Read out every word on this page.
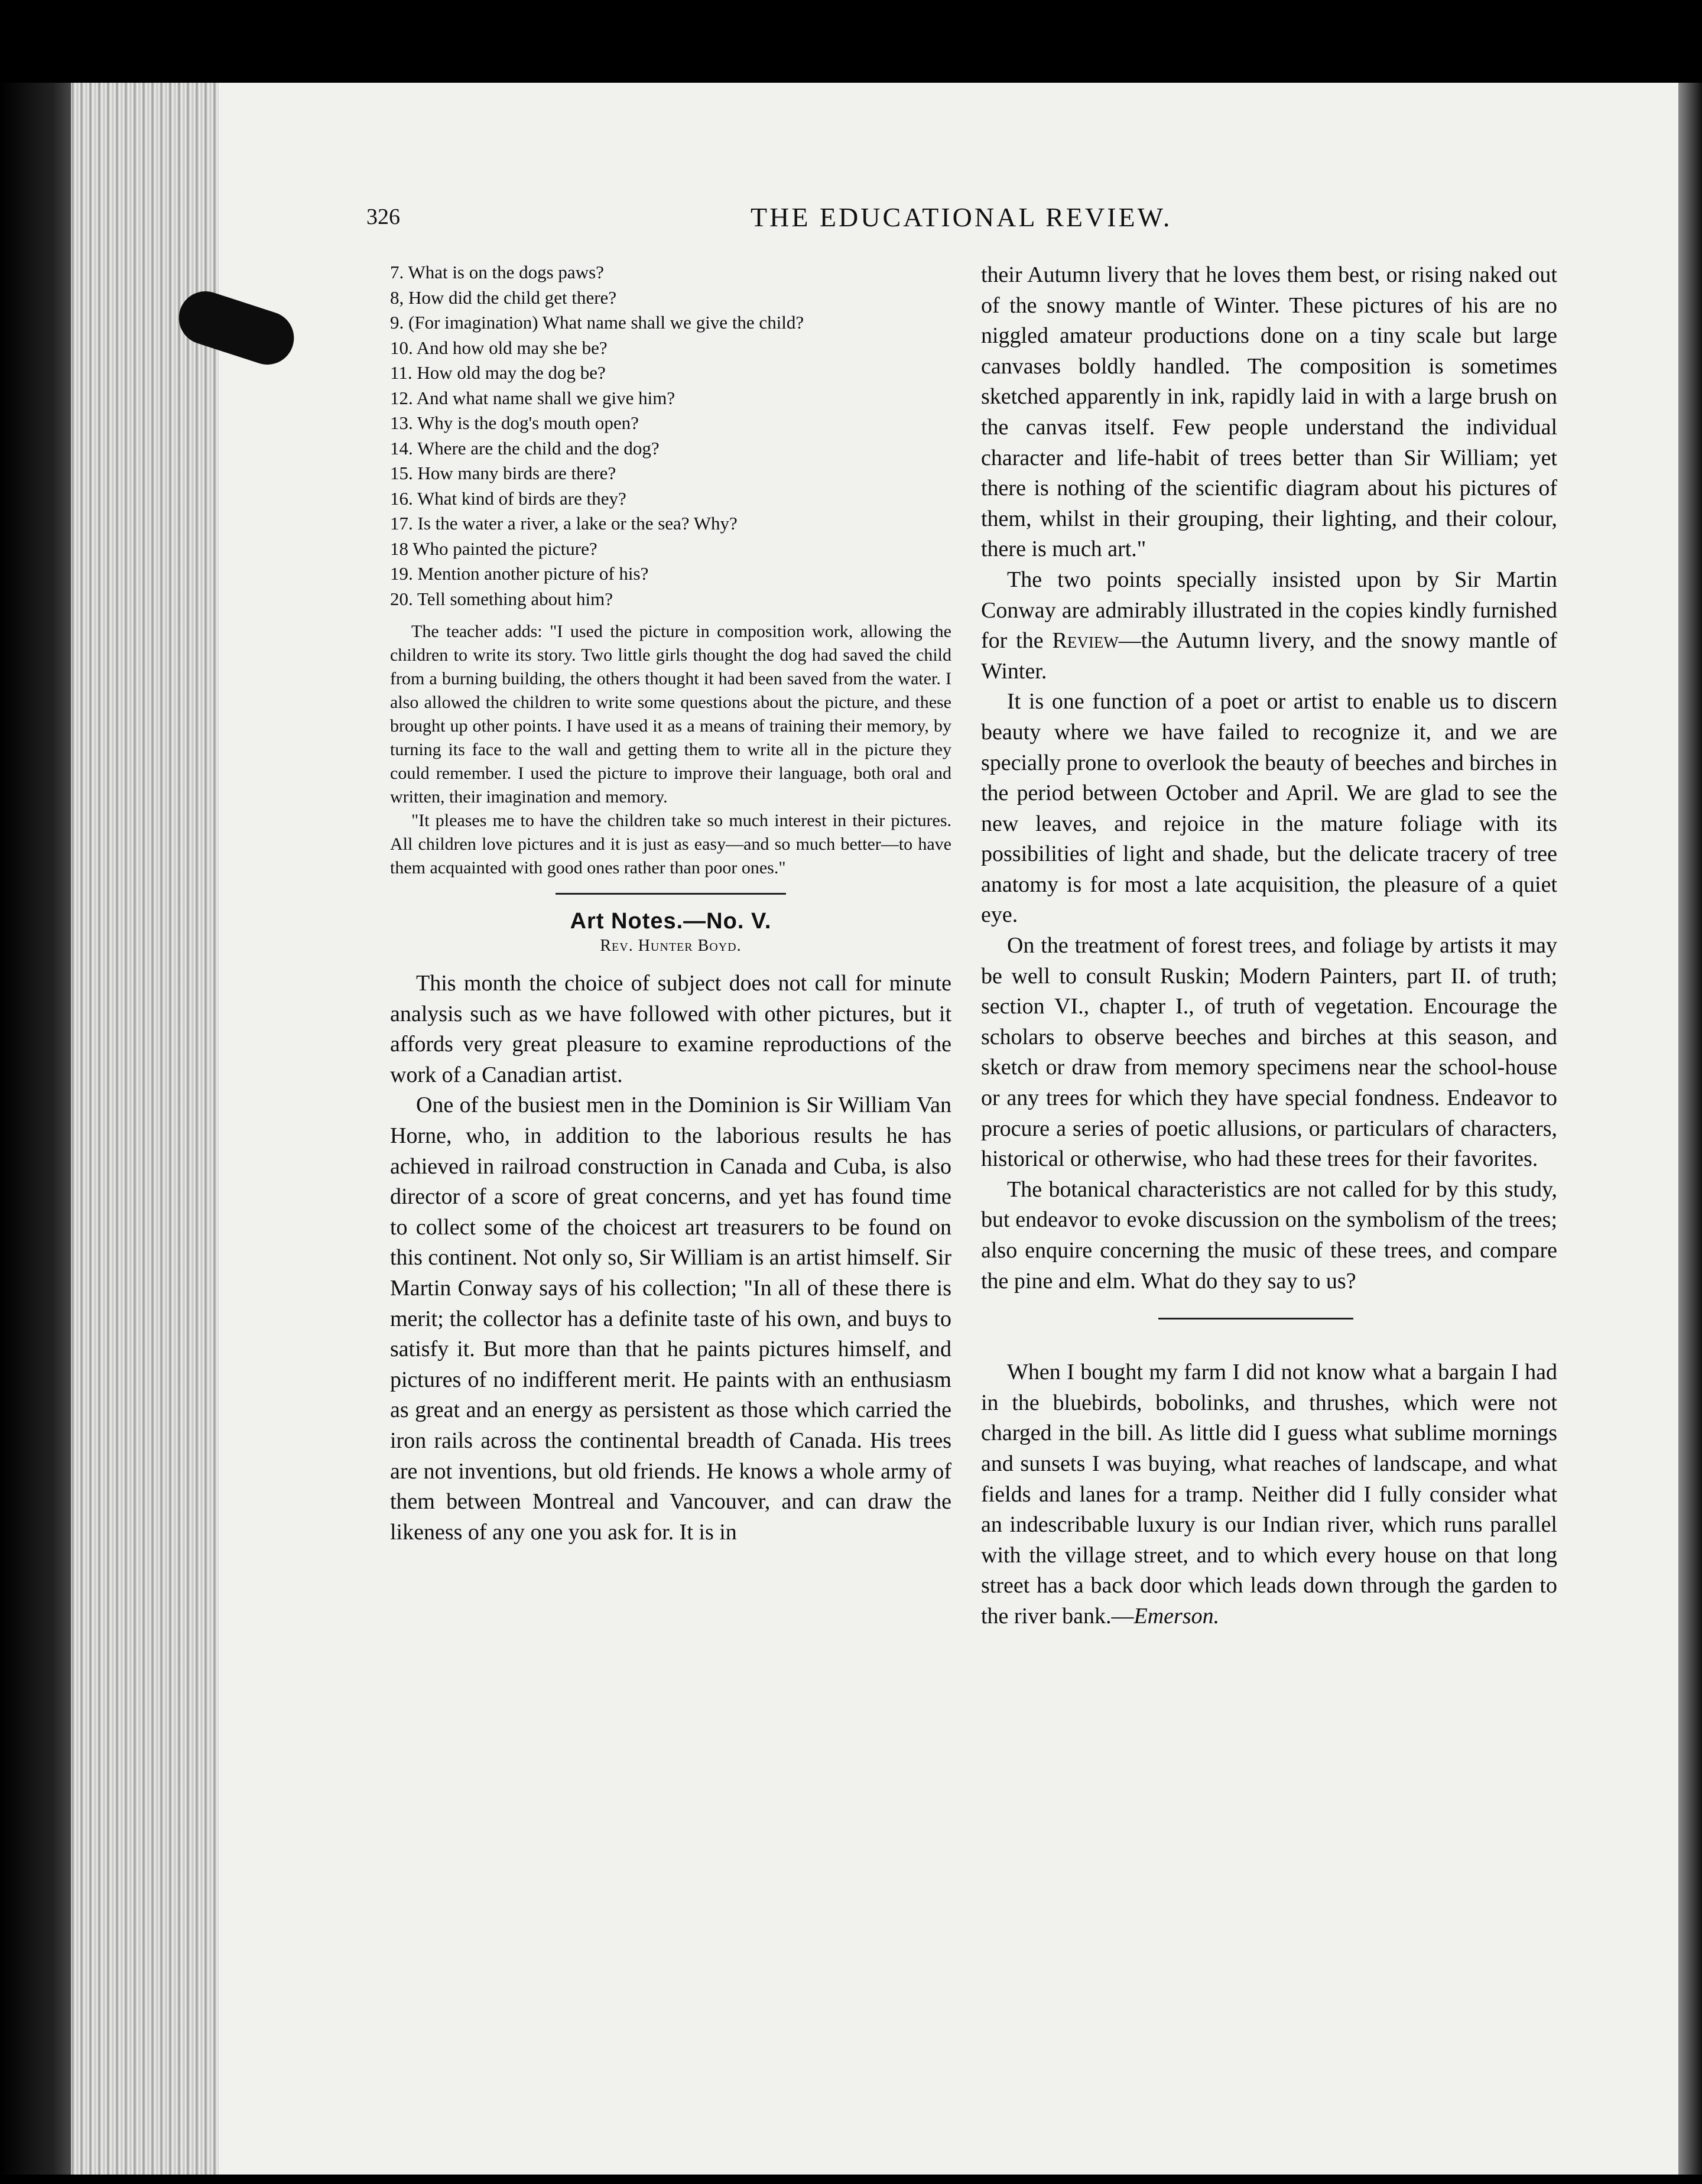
326	THE EDUCATIONAL REVIEW.
7. What is on the dogs paws?
8, How did the child get there?
9. (For imagination) What name shall we give the child?
10. And how old may she be?
11. How old may the dog be?
12. And what name shall we give him?
13. Why is the dog's mouth open?
14. Where are the child and the dog?
15. How many birds are there?
16. What kind of birds are they?
17. Is the water a river, a lake or the sea? Why?
18 Who painted the picture?
19. Mention another picture of his?
20. Tell something about him?

The teacher adds: "I used the picture in composition work, allowing the children to write its story. Two little girls thought the dog had saved the child from a burning building, the others thought it had been saved from the water. I also allowed the children to write some questions about the picture, and these brought up other points. I have used it as a means of training their memory, by turning its face to the wall and getting them to write all in the picture they could remember. I used the picture to improve their language, both oral and written, their imagination and memory.

"It pleases me to have the children take so much interest in their pictures. All children love pictures and it is just as easy—and so much better—to have them acquainted with good ones rather than poor ones."

Art Notes.—No. V.
Rev. Hunter Boyd.

This month the choice of subject does not call for minute analysis such as we have followed with other pictures, but it affords very great pleasure to examine reproductions of the work of a Canadian artist.

One of the busiest men in the Dominion is Sir William Van Horne, who, in addition to the laborious results he has achieved in railroad construction in Canada and Cuba, is also director of a score of great concerns, and yet has found time to collect some of the choicest art treasurers to be found on this continent. Not only so, Sir William is an artist himself. Sir Martin Conway says of his collection; "In all of these there is merit; the collector has a definite taste of his own, and buys to satisfy it. But more than that he paints pictures himself, and pictures of no indifferent merit. He paints with an enthusiasm as great and an energy as persistent as those which carried the iron rails across the continental breadth of Canada. His trees are not inventions, but old friends. He knows a whole army of them between Montreal and Vancouver, and can draw the likeness of any one you ask for. It is in

their Autumn livery that he loves them best, or rising naked out of the snowy mantle of Winter. These pictures of his are no niggled amateur productions done on a tiny scale but large canvases boldly handled. The composition is sometimes sketched apparently in ink, rapidly laid in with a large brush on the canvas itself. Few people understand the individual character and life-habit of trees better than Sir William; yet there is nothing of the scientific diagram about his pictures of them, whilst in their grouping, their lighting, and their colour, there is much art."

The two points specially insisted upon by Sir Martin Conway are admirably illustrated in the copies kindly furnished for the Review—the Autumn livery, and the snowy mantle of Winter.

It is one function of a poet or artist to enable us to discern beauty where we have failed to recognize it, and we are specially prone to overlook the beauty of beeches and birches in the period between October and April. We are glad to see the new leaves, and rejoice in the mature foliage with its possibilities of light and shade, but the delicate tracery of tree anatomy is for most a late acquisition, the pleasure of a quiet eye.

On the treatment of forest trees, and foliage by artists it may be well to consult Ruskin; Modern Painters, part II. of truth; section VI., chapter I., of truth of vegetation. Encourage the scholars to observe beeches and birches at this season, and sketch or draw from memory specimens near the school-house or any trees for which they have special fondness. Endeavor to procure a series of poetic allusions, or particulars of characters, historical or otherwise, who had these trees for their favorites.

The botanical characteristics are not called for by this study, but endeavor to evoke discussion on the symbolism of the trees; also enquire concerning the music of these trees, and compare the pine and elm. What do they say to us?

When I bought my farm I did not know what a bargain I had in the bluebirds, bobolinks, and thrushes, which were not charged in the bill. As little did I guess what sublime mornings and sunsets I was buying, what reaches of landscape, and what fields and lanes for a tramp. Neither did I fully consider what an indescribable luxury is our Indian river, which runs parallel with the village street, and to which every house on that long street has a back door which leads down through the garden to the river bank.—Emerson.
